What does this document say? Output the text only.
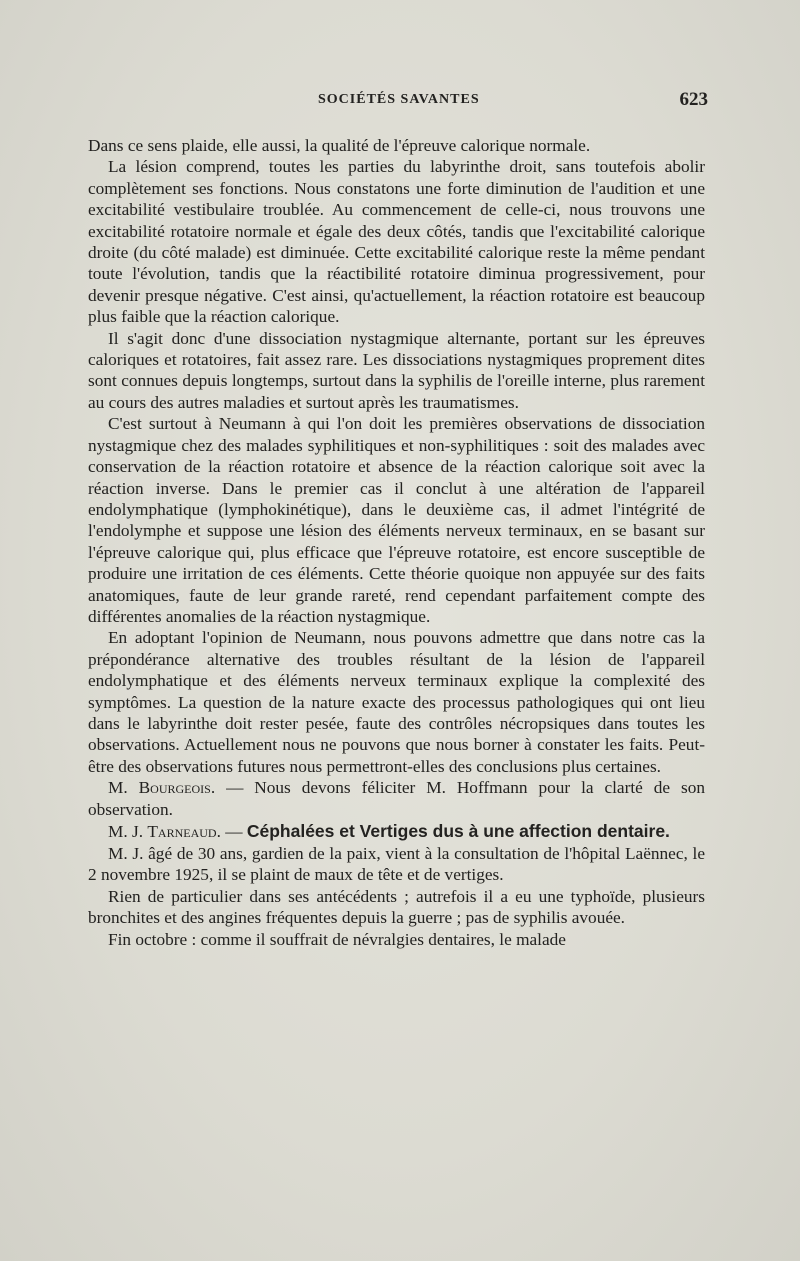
SOCIÉTÉS SAVANTES	623

Dans ce sens plaide, elle aussi, la qualité de l'épreuve calorique normale.

La lésion comprend, toutes les parties du labyrinthe droit, sans toutefois abolir complètement ses fonctions. Nous constatons une forte diminution de l'audition et une excitabilité vestibulaire troublée. Au commencement de celle-ci, nous trouvons une excitabilité rotatoire normale et égale des deux côtés, tandis que l'excitabilité calorique droite (du côté malade) est diminuée. Cette excitabilité calorique reste la même pendant toute l'évolution, tandis que la réactibilité rotatoire diminua progressivement, pour devenir presque négative. C'est ainsi, qu'actuellement, la réaction rotatoire est beaucoup plus faible que la réaction calorique.

Il s'agit donc d'une dissociation nystagmique alternante, portant sur les épreuves caloriques et rotatoires, fait assez rare. Les dissociations nystagmiques proprement dites sont connues depuis longtemps, surtout dans la syphilis de l'oreille interne, plus rarement au cours des autres maladies et surtout après les traumatismes.

C'est surtout à Neumann à qui l'on doit les premières observations de dissociation nystagmique chez des malades syphilitiques et non-syphilitiques : soit des malades avec conservation de la réaction rotatoire et absence de la réaction calorique soit avec la réaction inverse. Dans le premier cas il conclut à une altération de l'appareil endolymphatique (lymphokinétique), dans le deuxième cas, il admet l'intégrité de l'endolymphe et suppose une lésion des éléments nerveux terminaux, en se basant sur l'épreuve calorique qui, plus efficace que l'épreuve rotatoire, est encore susceptible de produire une irritation de ces éléments. Cette théorie quoique non appuyée sur des faits anatomiques, faute de leur grande rareté, rend cependant parfaitement compte des différentes anomalies de la réaction nystagmique.

En adoptant l'opinion de Neumann, nous pouvons admettre que dans notre cas la prépondérance alternative des troubles résultant de la lésion de l'appareil endolymphatique et des éléments nerveux terminaux explique la complexité des symptômes. La question de la nature exacte des processus pathologiques qui ont lieu dans le labyrinthe doit rester pesée, faute des contrôles nécropsiques dans toutes les observations. Actuellement nous ne pouvons que nous borner à constater les faits. Peut-être des observations futures nous permettront-elles des conclusions plus certaines.

M. Bourgeois. — Nous devons féliciter M. Hoffmann pour la clarté de son observation.

M. J. Tarneaud. — Céphalées et Vertiges dus à une affection dentaire.

M. J. âgé de 30 ans, gardien de la paix, vient à la consultation de l'hôpital Laënnec, le 2 novembre 1925, il se plaint de maux de tête et de vertiges.

Rien de particulier dans ses antécédents ; autrefois il a eu une typhoïde, plusieurs bronchites et des angines fréquentes depuis la guerre ; pas de syphilis avouée.

Fin octobre : comme il souffrait de névralgies dentaires, le malade
